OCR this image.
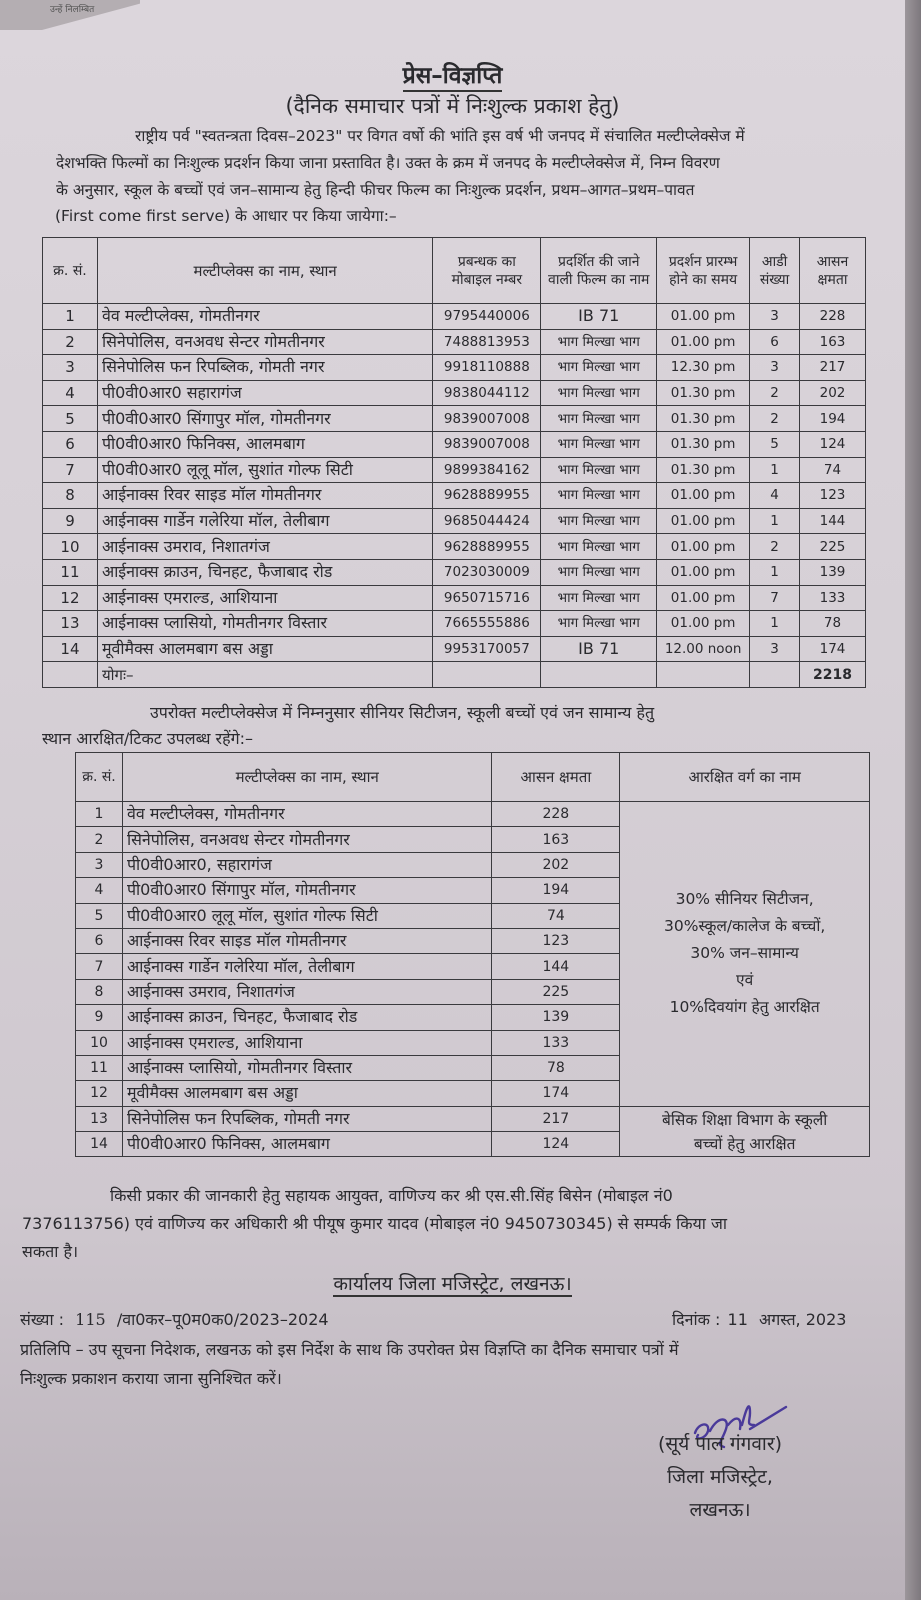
उन्हें निलम्बित
प्रेस–विज्ञप्ति
(दैनिक समाचार पत्रों में निःशुल्क प्रकाश हेतु)
राष्ट्रीय पर्व "स्वतन्त्रता दिवस–2023" पर विगत वर्षो की भांति इस वर्ष भी जनपद में संचालित मल्टीप्लेक्सेज में
देशभक्ति फिल्मों का निःशुल्क प्रदर्शन किया जाना प्रस्तावित है। उक्त के क्रम में जनपद के मल्टीप्लेक्सेज में, निम्न विवरण
के अनुसार, स्कूल के बच्चों एवं जन–सामान्य हेतु हिन्दी फीचर फिल्म का निःशुल्क प्रदर्शन, प्रथम–आगत–प्रथम–पावत
(First come first serve) के आधार पर किया जायेगा:–
क्र. सं.	मल्टीप्लेक्स का नाम, स्थान	प्रबन्धक का मोबाइल नम्बर	प्रदर्शित की जाने वाली फिल्म का नाम	प्रदर्शन प्रारम्भ होने का समय	आडी संख्या	आसन क्षमता
1	वेव मल्टीप्लेक्स, गोमतीनगर	9795440006	IB 71	01.00 pm	3	228
2	सिनेपोलिस, वनअवध सेन्टर गोमतीनगर	7488813953	भाग मिल्खा भाग	01.00 pm	6	163
3	सिनेपोलिस फन रिपब्लिक, गोमती नगर	9918110888	भाग मिल्खा भाग	12.30 pm	3	217
4	पी0वी0आर0 सहारागंज	9838044112	भाग मिल्खा भाग	01.30 pm	2	202
5	पी0वी0आर0 सिंगापुर मॉल, गोमतीनगर	9839007008	भाग मिल्खा भाग	01.30 pm	2	194
6	पी0वी0आर0 फिनिक्स, आलमबाग	9839007008	भाग मिल्खा भाग	01.30 pm	5	124
7	पी0वी0आर0 लूलू मॉल, सुशांत गोल्फ सिटी	9899384162	भाग मिल्खा भाग	01.30 pm	1	74
8	आईनाक्स रिवर साइड मॉल गोमतीनगर	9628889955	भाग मिल्खा भाग	01.00 pm	4	123
9	आईनाक्स गार्डेन गलेरिया मॉल, तेलीबाग	9685044424	भाग मिल्खा भाग	01.00 pm	1	144
10	आईनाक्स उमराव, निशातगंज	9628889955	भाग मिल्खा भाग	01.00 pm	2	225
11	आईनाक्स क्राउन, चिनहट, फैजाबाद रोड	7023030009	भाग मिल्खा भाग	01.00 pm	1	139
12	आईनाक्स एमराल्ड, आशियाना	9650715716	भाग मिल्खा भाग	01.00 pm	7	133
13	आईनाक्स प्लासियो, गोमतीनगर विस्तार	7665555886	भाग मिल्खा भाग	01.00 pm	1	78
14	मूवीमैक्स आलमबाग बस अड्डा	9953170057	IB 71	12.00 noon	3	174
	योगः–					2218
उपरोक्त मल्टीप्लेक्सेज में निम्ननुसार सीनियर सिटीजन, स्कूली बच्चों एवं जन सामान्य हेतु
स्थान आरक्षित/टिकट उपलब्ध रहेंगे:–
क्र. सं.	मल्टीप्लेक्स का नाम, स्थान	आसन क्षमता	आरक्षित वर्ग का नाम
1	वेव मल्टीप्लेक्स, गोमतीनगर	228	30% सीनियर सिटीजन,
30%स्कूल/कालेज के बच्चों,
30% जन–सामान्य
एवं
10%दिवयांग हेतु आरक्षित

2	सिनेपोलिस, वनअवध सेन्टर गोमतीनगर	163	
3	पी0वी0आर0, सहारागंज	202	
4	पी0वी0आर0 सिंगापुर मॉल, गोमतीनगर	194	
5	पी0वी0आर0 लूलू मॉल, सुशांत गोल्फ सिटी	74	
6	आईनाक्स रिवर साइड मॉल गोमतीनगर	123	
7	आईनाक्स गार्डेन गलेरिया मॉल, तेलीबाग	144	
8	आईनाक्स उमराव, निशातगंज	225	
9	आईनाक्स क्राउन, चिनहट, फैजाबाद रोड	139	
10	आईनाक्स एमराल्ड, आशियाना	133	
11	आईनाक्स प्लासियो, गोमतीनगर विस्तार	78	
12	मूवीमैक्स आलमबाग बस अड्डा	174	
13	सिनेपोलिस फन रिपब्लिक, गोमती नगर	217	बेसिक शिक्षा विभाग के स्कूली
बच्चों हेतु आरक्षित

14	पी0वी0आर0 फिनिक्स, आलमबाग	124	
किसी प्रकार की जानकारी हेतु सहायक आयुक्त, वाणिज्य कर श्री एस.सी.सिंह बिसेन (मोबाइल नं0
7376113756) एवं वाणिज्य कर अधिकारी श्री पीयूष कुमार यादव (मोबाइल नं0 9450730345) से सम्पर्क किया जा
सकता है।
कार्यालय जिला मजिस्ट्रेट, लखनऊ।
संख्या : 115 /वा0कर–पू0म0क0/2023–2024	दिनांक : 11 अगस्त, 2023
प्रतिलिपि – उप सूचना निदेशक, लखनऊ को इस निर्देश के साथ कि उपरोक्त प्रेस विज्ञप्ति का दैनिक समाचार पत्रों में
निःशुल्क प्रकाशन कराया जाना सुनिश्चित करें।
(सूर्य पाल गंगवार)
जिला मजिस्ट्रेट,
लखनऊ।
